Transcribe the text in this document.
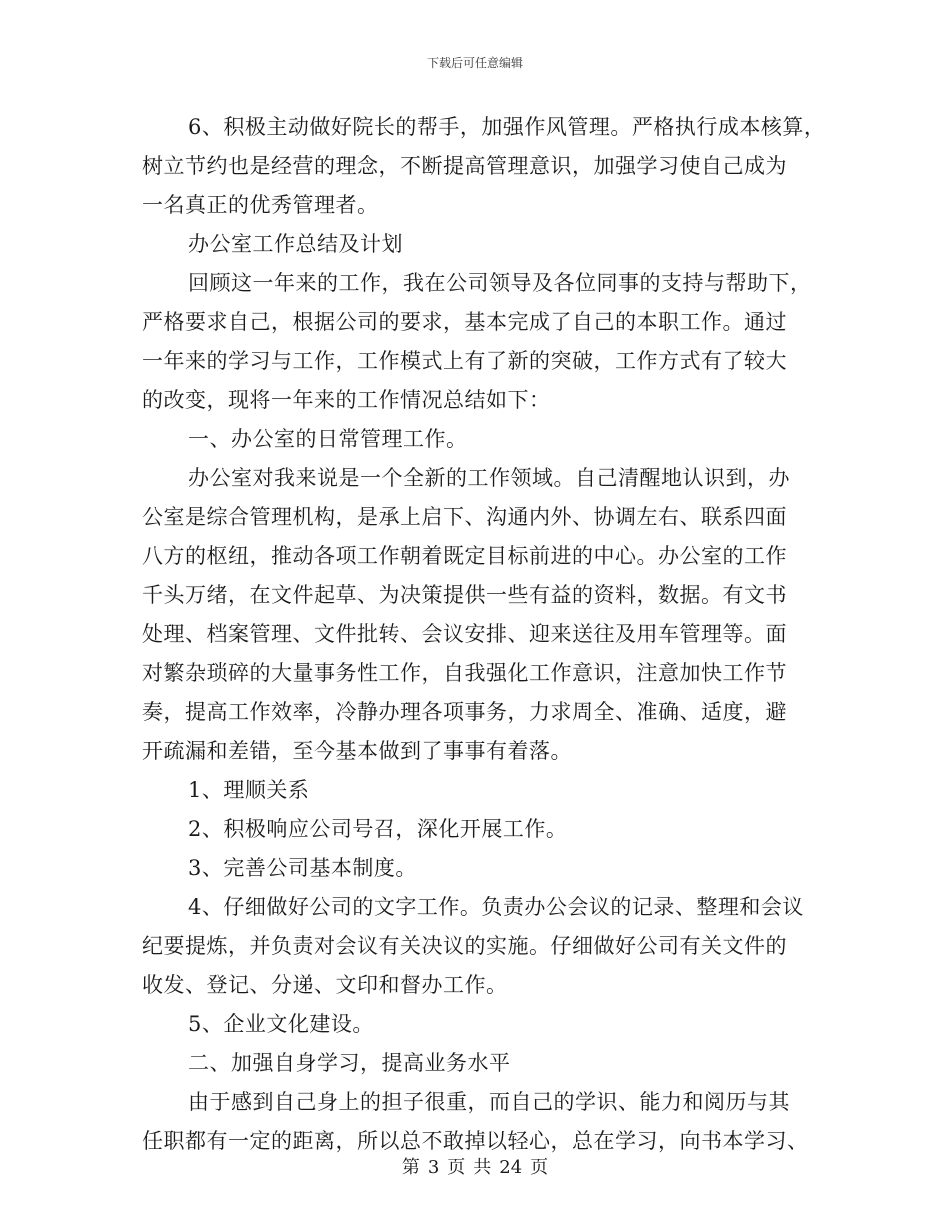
下载后可任意编辑
6、积极主动做好院长的帮手，加强作风管理。严格执行成本核算，
树立节约也是经营的理念，不断提高管理意识，加强学习使自己成为
一名真正的优秀管理者。
办公室工作总结及计划
回顾这一年来的工作，我在公司领导及各位同事的支持与帮助下，
严格要求自己，根据公司的要求，基本完成了自己的本职工作。通过
一年来的学习与工作，工作模式上有了新的突破，工作方式有了较大
的改变，现将一年来的工作情况总结如下：
一、办公室的日常管理工作。
办公室对我来说是一个全新的工作领域。自己清醒地认识到，办
公室是综合管理机构，是承上启下、沟通内外、协调左右、联系四面
八方的枢纽，推动各项工作朝着既定目标前进的中心。办公室的工作
千头万绪，在文件起草、为决策提供一些有益的资料，数据。有文书
处理、档案管理、文件批转、会议安排、迎来送往及用车管理等。面
对繁杂琐碎的大量事务性工作，自我强化工作意识，注意加快工作节
奏，提高工作效率，冷静办理各项事务，力求周全、准确、适度，避
开疏漏和差错，至今基本做到了事事有着落。
1、理顺关系
2、积极响应公司号召，深化开展工作。
3、完善公司基本制度。
4、仔细做好公司的文字工作。负责办公会议的记录、整理和会议
纪要提炼，并负责对会议有关决议的实施。仔细做好公司有关文件的
收发、登记、分递、文印和督办工作。
5、企业文化建设。
二、加强自身学习，提高业务水平
由于感到自己身上的担子很重，而自己的学识、能力和阅历与其
任职都有一定的距离，所以总不敢掉以轻心，总在学习，向书本学习、
第 3 页 共 24 页
